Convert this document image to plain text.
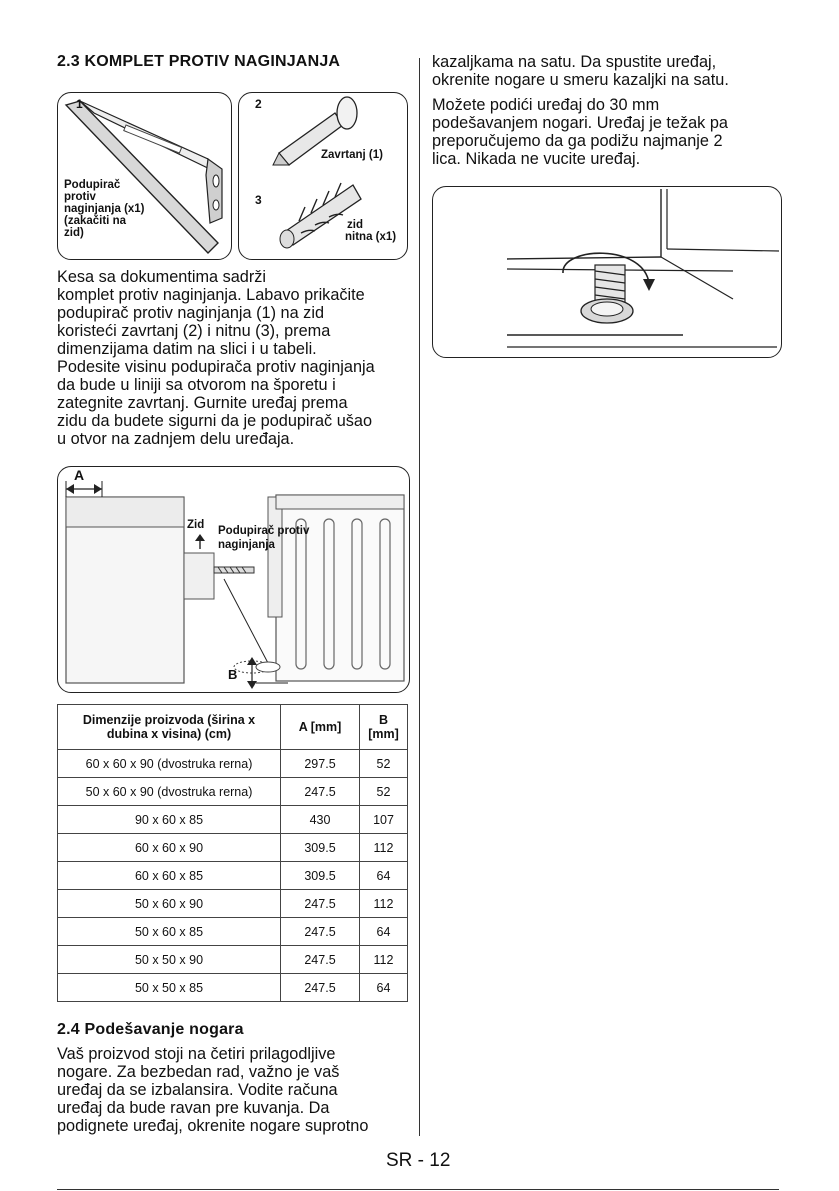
2.3 KOMPLET PROTIV NAGINJANJA
1
Podupirač
protiv
naginjanja (x1)
(zakačiti na
zid)
2
Zavrtanj (1)
3
zid
nitna (x1)
Kesa sa dokumentima sadrži
komplet protiv naginjanja. Labavo prikačite
podupirač protiv naginjanja (1) na zid
koristeći zavrtanj (2) i nitnu (3), prema
dimenzijama datim na slici i u tabeli.
Podesite visinu podupirača protiv naginjanja
da bude u liniji sa otvorom na šporetu i
zategnite zavrtanj. Gurnite uređaj prema
zidu da budete sigurni da je podupirač ušao
u otvor na zadnjem delu uređaja.
A
Zid Podupirač protiv
naginjanja
B
Dimenzije proizvoda (širina x dubina x visina) (cm)	A [mm]	B [mm]
60 x 60 x 90 (dvostruka rerna)	297.5	52
50 x 60 x 90 (dvostruka rerna)	247.5	52
90 x 60 x 85	430	107
60 x 60 x 90	309.5	112
60 x 60 x 85	309.5	64
50 x 60 x 90	247.5	112
50 x 60 x 85	247.5	64
50 x 50 x 90	247.5	112
50 x 50 x 85	247.5	64
2.4 Podešavanje nogara
Vaš proizvod stoji na četiri prilagodljive
nogare. Za bezbedan rad, važno je vaš
uređaj da se izbalansira. Vodite računa
uređaj da bude ravan pre kuvanja. Da
podignete uređaj, okrenite nogare suprotno
kazaljkama na satu. Da spustite uređaj,
okrenite nogare u smeru kazaljki na satu.
Možete podići uređaj do 30 mm
podešavanjem nogari. Uređaj je težak pa
preporučujemo da ga podižu najmanje 2
lica. Nikada ne vucite uređaj.
SR - 12
